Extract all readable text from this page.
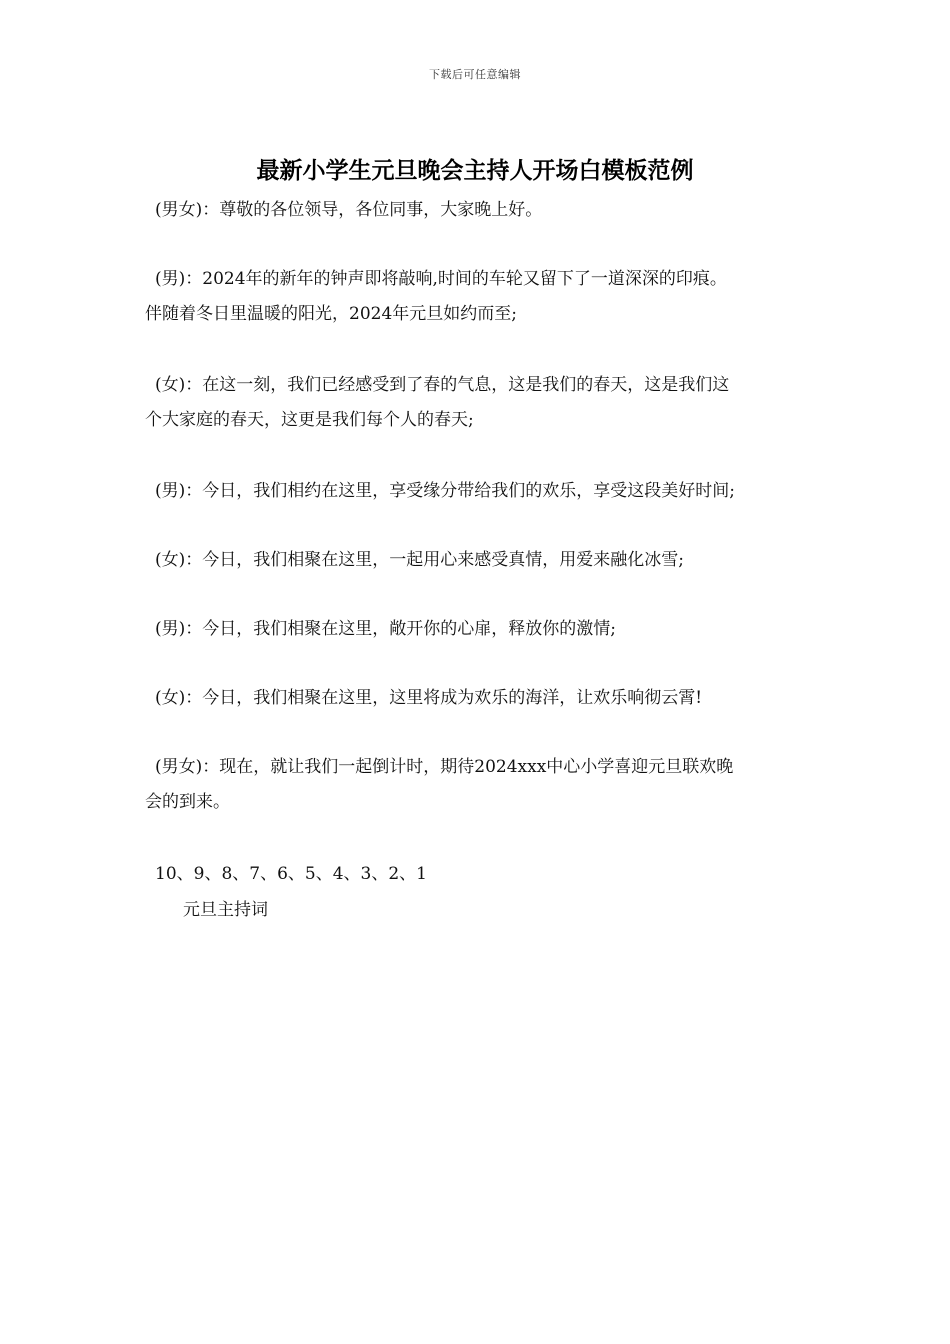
下载后可任意编辑
最新小学生元旦晚会主持人开场白模板范例
(男女)：尊敬的各位领导，各位同事，大家晚上好。
(男)：2024年的新年的钟声即将敲响,时间的车轮又留下了一道深深的印痕。
伴随着冬日里温暖的阳光，2024年元旦如约而至;
(女)：在这一刻，我们已经感受到了春的气息，这是我们的春天，这是我们这
个大家庭的春天，这更是我们每个人的春天;
(男)：今日，我们相约在这里，享受缘分带给我们的欢乐，享受这段美好时间;
(女)：今日，我们相聚在这里，一起用心来感受真情，用爱来融化冰雪;
(男)：今日，我们相聚在这里，敞开你的心扉，释放你的激情;
(女)：今日，我们相聚在这里，这里将成为欢乐的海洋，让欢乐响彻云霄!
(男女)：现在，就让我们一起倒计时，期待2024xxx中心小学喜迎元旦联欢晚
会的到来。
10、9、8、7、6、5、4、3、2、1
元旦主持词
